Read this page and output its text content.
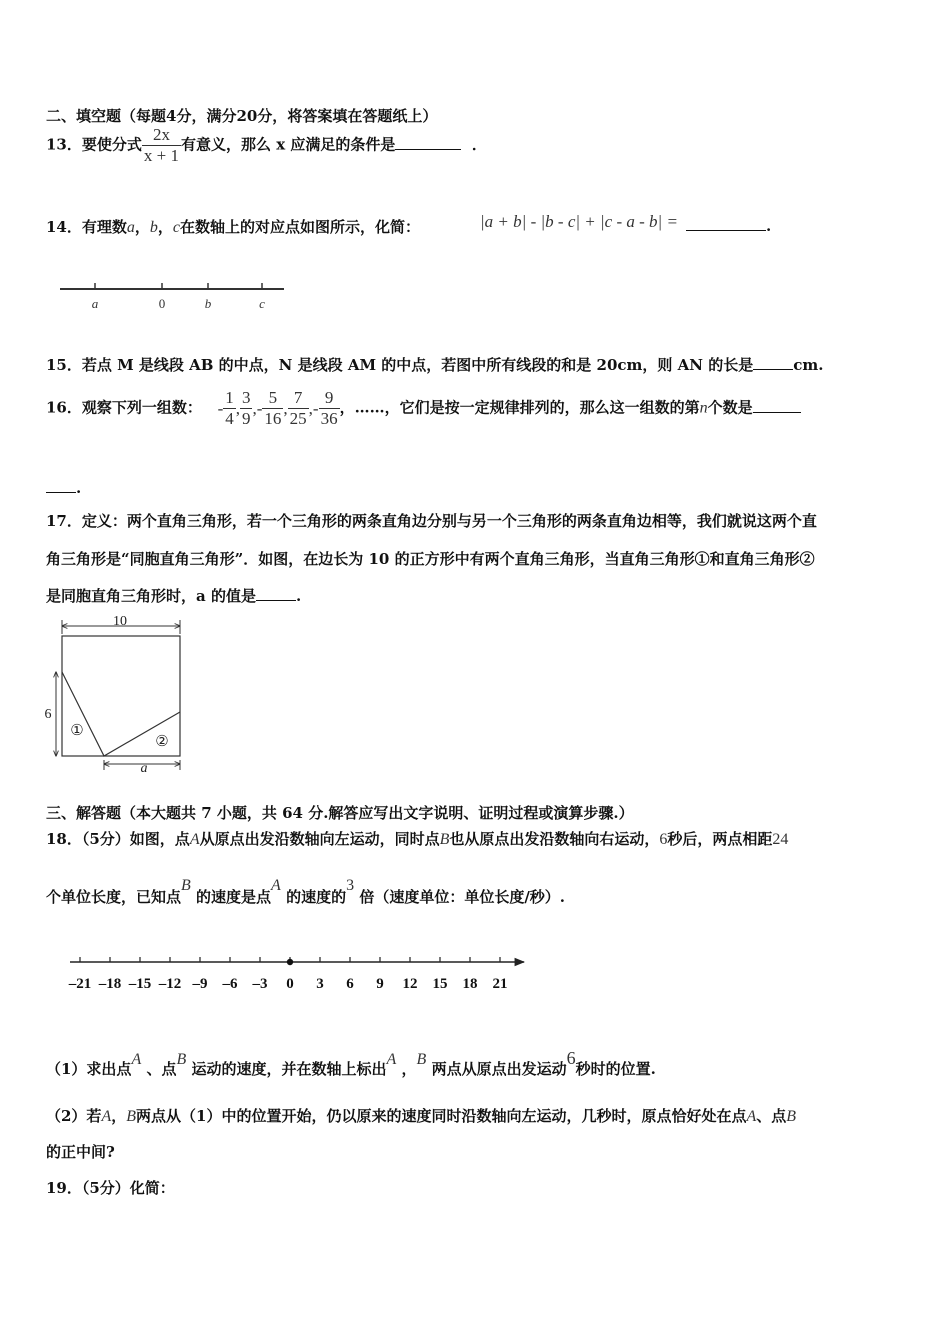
二、填空题（每题4分，满分20分，将答案填在答题纸上）
13．要使分式 $\frac{2x}{x + 1}$ 有意义，那么 x 应满足的条件是	．
14．有理数a，b，c在数轴上的对应点如图所示，化简：	|a + b| - |b - c| + |c - a - b| =	.
a	0	b	c
15．若点 M 是线段 AB 的中点，N 是线段 AM 的中点，若图中所有线段的和是 20cm，则 AN 的长是	cm.
16．观察下列一组数： - $\frac{1}{4}$ , $\frac{3}{9}$ ,- $\frac{5}{16}$ , $\frac{7}{25}$ ,- $\frac{9}{36}$ ，……，它们是按一定规律排列的，那么这一组数的第n个数是
.
17．定义：两个直角三角形，若一个三角形的两条直角边分别与另一个三角形的两条直角边相等，我们就说这两个直
角三角形是“同胞直角三角形”．如图，在边长为 10 的正方形中有两个直角三角形，当直角三角形①和直角三角形②
是同胞直角三角形时，a 的值是	.
10
6
①
②
a
三、解答题（本大题共 7 小题，共 64 分.解答应写出文字说明、证明过程或演算步骤.）
18．（5分）如图，点A从原点出发沿数轴向左运动，同时点B也从原点出发沿数轴向右运动，6秒后，两点相距24
个单位长度，已知点B 的速度是点A 的速度的3 倍（速度单位：单位长度/秒）.
–21 –18 –15 –12 –9 –6 –3 0 3 6 9 12 15 18 21
（1）求出点A 、点B 运动的速度，并在数轴上标出A ，B 两点从原点出发运动6秒时的位置.
（2）若A，B两点从（1）中的位置开始，仍以原来的速度同时沿数轴向左运动，几秒时，原点恰好处在点A、点B
的正中间?
19．（5分）化简：
